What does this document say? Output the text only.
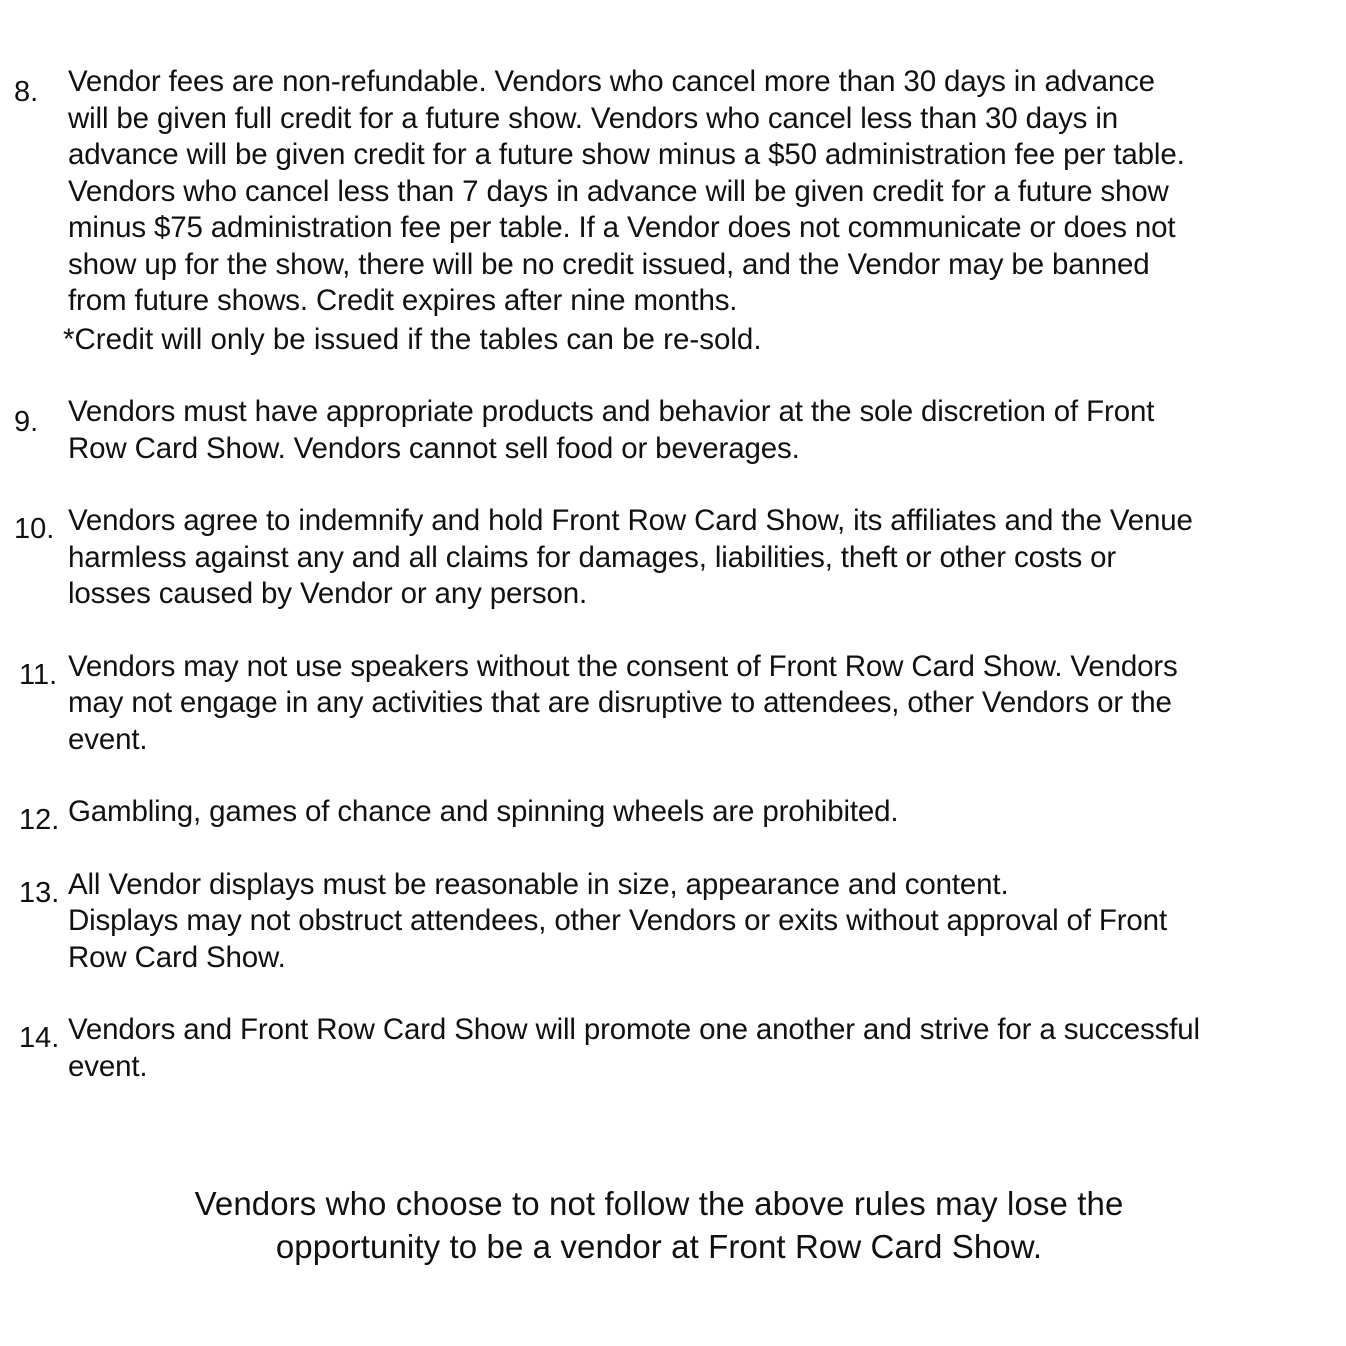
8.	Vendor fees are non-refundable. Vendors who cancel more than 30 days in advance
will be given full credit for a future show. Vendors who cancel less than 30 days in
advance will be given credit for a future show minus a $50 administration fee per table.
Vendors who cancel less than 7 days in advance will be given credit for a future show
minus $75 administration fee per table. If a Vendor does not communicate or does not
show up for the show, there will be no credit issued, and the Vendor may be banned
from future shows. Credit expires after nine months.
*Credit will only be issued if the tables can be re-sold.
9.	Vendors must have appropriate products and behavior at the sole discretion of Front
Row Card Show. Vendors cannot sell food or beverages.
10. Vendors agree to indemnify and hold Front Row Card Show, its affiliates and the Venue
harmless against any and all claims for damages, liabilities, theft or other costs or
losses caused by Vendor or any person.
11. Vendors may not use speakers without the consent of Front Row Card Show. Vendors
may not engage in any activities that are disruptive to attendees, other Vendors or the
event.
12. Gambling, games of chance and spinning wheels are prohibited.
13. All Vendor displays must be reasonable in size, appearance and content.
Displays may not obstruct attendees, other Vendors or exits without approval of Front
Row Card Show.
14. Vendors and Front Row Card Show will promote one another and strive for a successful
event.
Vendors who choose to not follow the above rules may lose the
opportunity to be a vendor at Front Row Card Show.
